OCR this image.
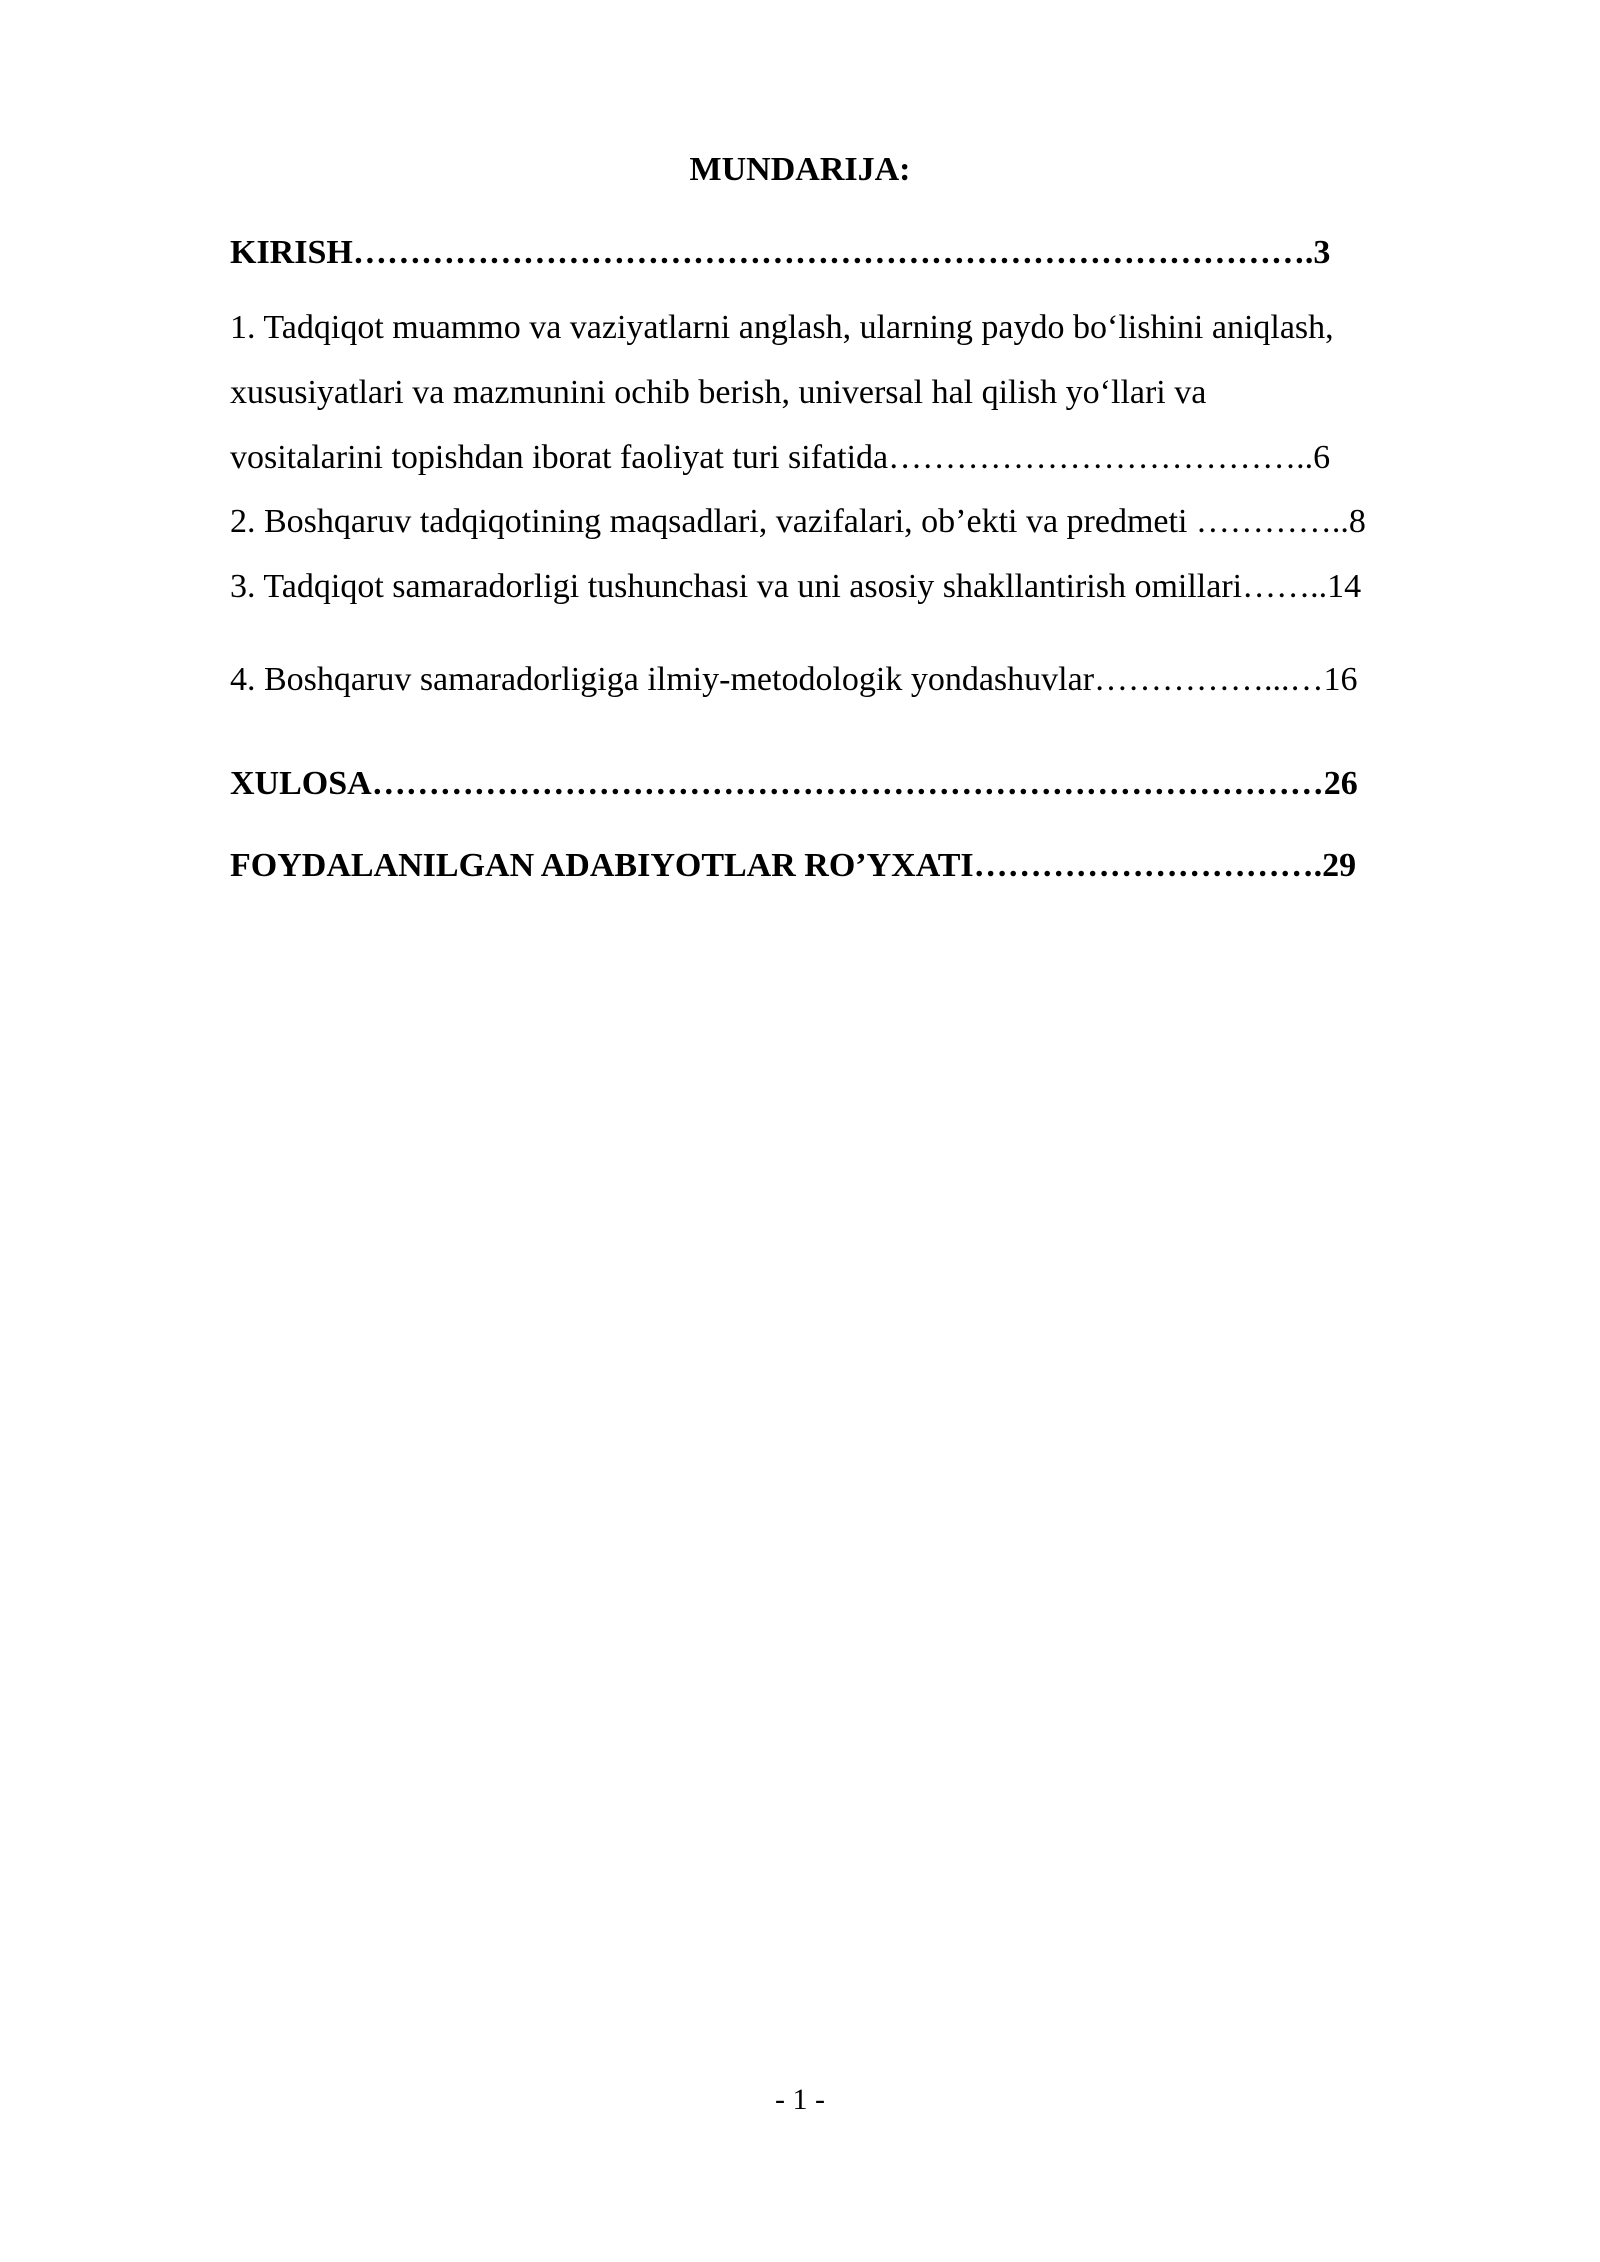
MUNDARIJA:
KIRISH………………………………………………………………………….3
1. Tadqiqot muammo va vaziyatlarni anglash, ularning paydo bo‘lishini aniqlash,
xususiyatlari va mazmunini ochib berish, universal hal qilish yo‘llari va
vositalarini topishdan iborat faoliyat turi sifatida………………………………..6
2. Boshqaruv tadqiqotining maqsadlari, vazifalari, ob’ekti va predmeti …………..8
3. Tadqiqot samaradorligi tushunchasi va uni asosiy shakllantirish omillari……..14
4. Boshqaruv samaradorligiga ilmiy-metodologik yondashuvlar……………...…16
XULOSA…………………………………………………………………………26
FOYDALANILGAN ADABIYOTLAR RO’YXATI………………………….29
- 1 -
